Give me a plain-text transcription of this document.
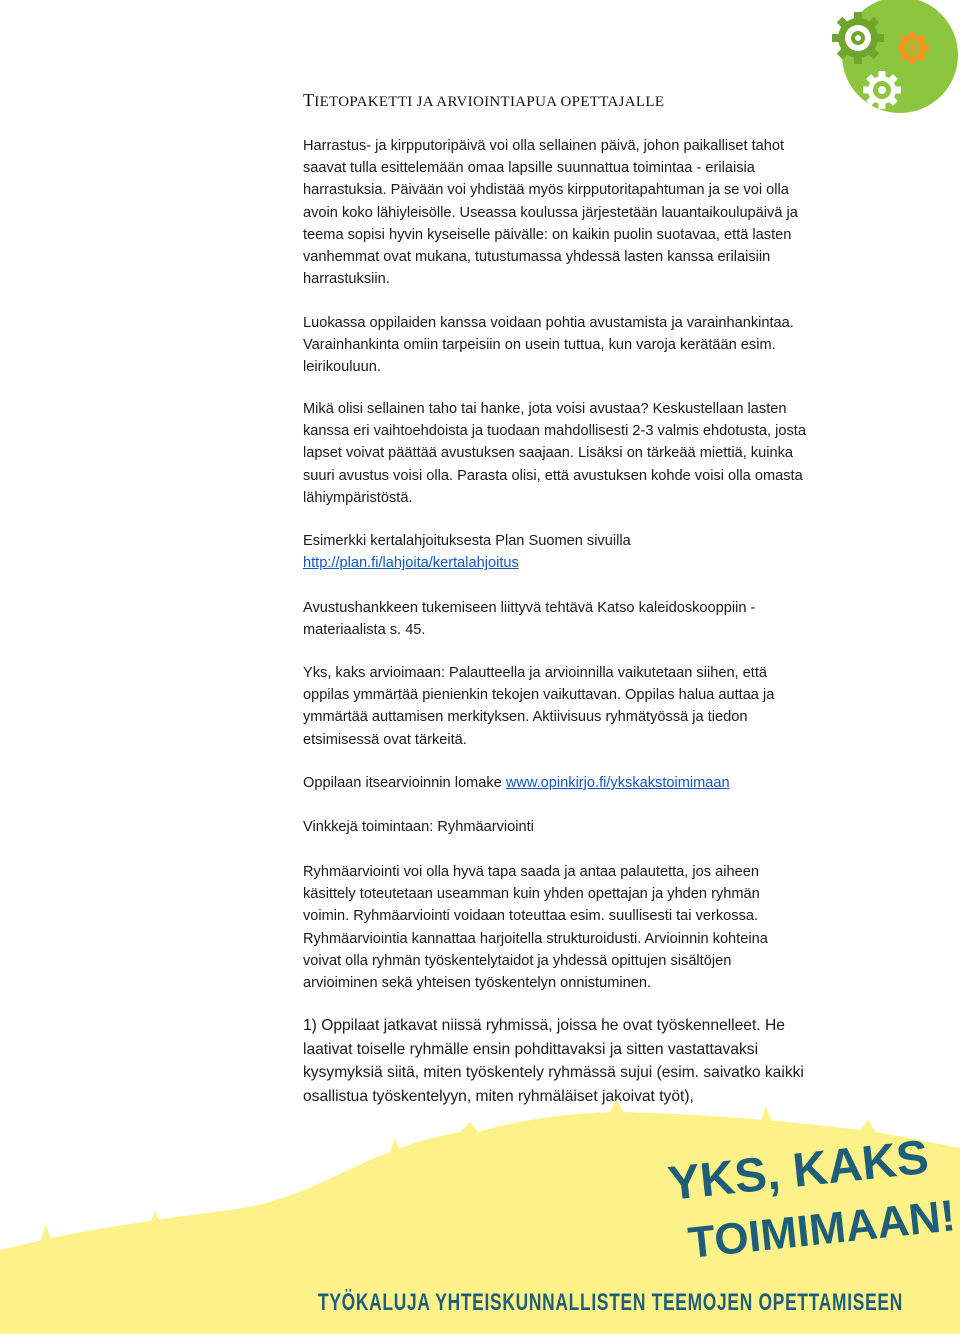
TIETOPAKETTI JA ARVIOINTIAPUA OPETTAJALLE

Harrastus- ja kirpputoripäivä voi olla sellainen päivä, johon paikalliset tahot

saavat tulla esittelemään omaa lapsille suunnattua toimintaa - erilaisia

harrastuksia. Päivään voi yhdistää myös kirpputoritapahtuman ja se voi olla

avoin koko lähiyleisölle. Useassa koulussa järjestetään lauantaikoulupäivä ja

teema sopisi hyvin kyseiselle päivälle: on kaikin puolin suotavaa, että lasten

vanhemmat ovat mukana, tutustumassa yhdessä lasten kanssa erilaisiin

harrastuksiin.

Luokassa oppilaiden kanssa voidaan pohtia avustamista ja varainhankintaa.

Varainhankinta omiin tarpeisiin on usein tuttua, kun varoja kerätään esim.

leirikouluun.

Mikä olisi sellainen taho tai hanke, jota voisi avustaa? Keskustellaan lasten

kanssa eri vaihtoehdoista ja tuodaan mahdollisesti 2-3 valmis ehdotusta, josta

lapset voivat päättää avustuksen saajaan. Lisäksi on tärkeää miettiä, kuinka

suuri avustus voisi olla. Parasta olisi, että avustuksen kohde voisi olla omasta

lähiympäristöstä.

Esimerkki kertalahjoituksesta Plan Suomen sivuilla

http://plan.fi/lahjoita/kertalahjoitus

Avustushankkeen tukemiseen liittyvä tehtävä Katso kaleidoskooppiin -

materiaalista s. 45.

Yks, kaks arvioimaan: Palautteella ja arvioinnilla vaikutetaan siihen, että

oppilas ymmärtää pienienkin tekojen vaikuttavan. Oppilas halua auttaa ja

ymmärtää auttamisen merkityksen. Aktiivisuus ryhmätyössä ja tiedon

etsimisessä ovat tärkeitä.

Oppilaan itsearvioinnin lomake www.opinkirjo.fi/ykskakstoimimaan

Vinkkejä toimintaan: Ryhmäarviointi

Ryhmäarviointi voi olla hyvä tapa saada ja antaa palautetta, jos aiheen

käsittely toteutetaan useamman kuin yhden opettajan ja yhden ryhmän

voimin. Ryhmäarviointi voidaan toteuttaa esim. suullisesti tai verkossa.

Ryhmäarviointia kannattaa harjoitella strukturoidusti. Arvioinnin kohteina

voivat olla ryhmän työskentelytaidot ja yhdessä opittujen sisältöjen

arvioiminen sekä yhteisen työskentelyn onnistuminen.

1) Oppilaat jatkavat niissä ryhmissä, joissa he ovat työskennelleet. He

laativat toiselle ryhmälle ensin pohdittavaksi ja sitten vastattavaksi

kysymyksiä siitä, miten työskentely ryhmässä sujui (esim. saivatko kaikki

osallistua työskentelyyn, miten ryhmäläiset jakoivat työt),

YKS, KAKS
TOIMIMAAN!
TYÖKALUJA YHTEISKUNNALLISTEN TEEMOJEN OPETTAMISEEN
